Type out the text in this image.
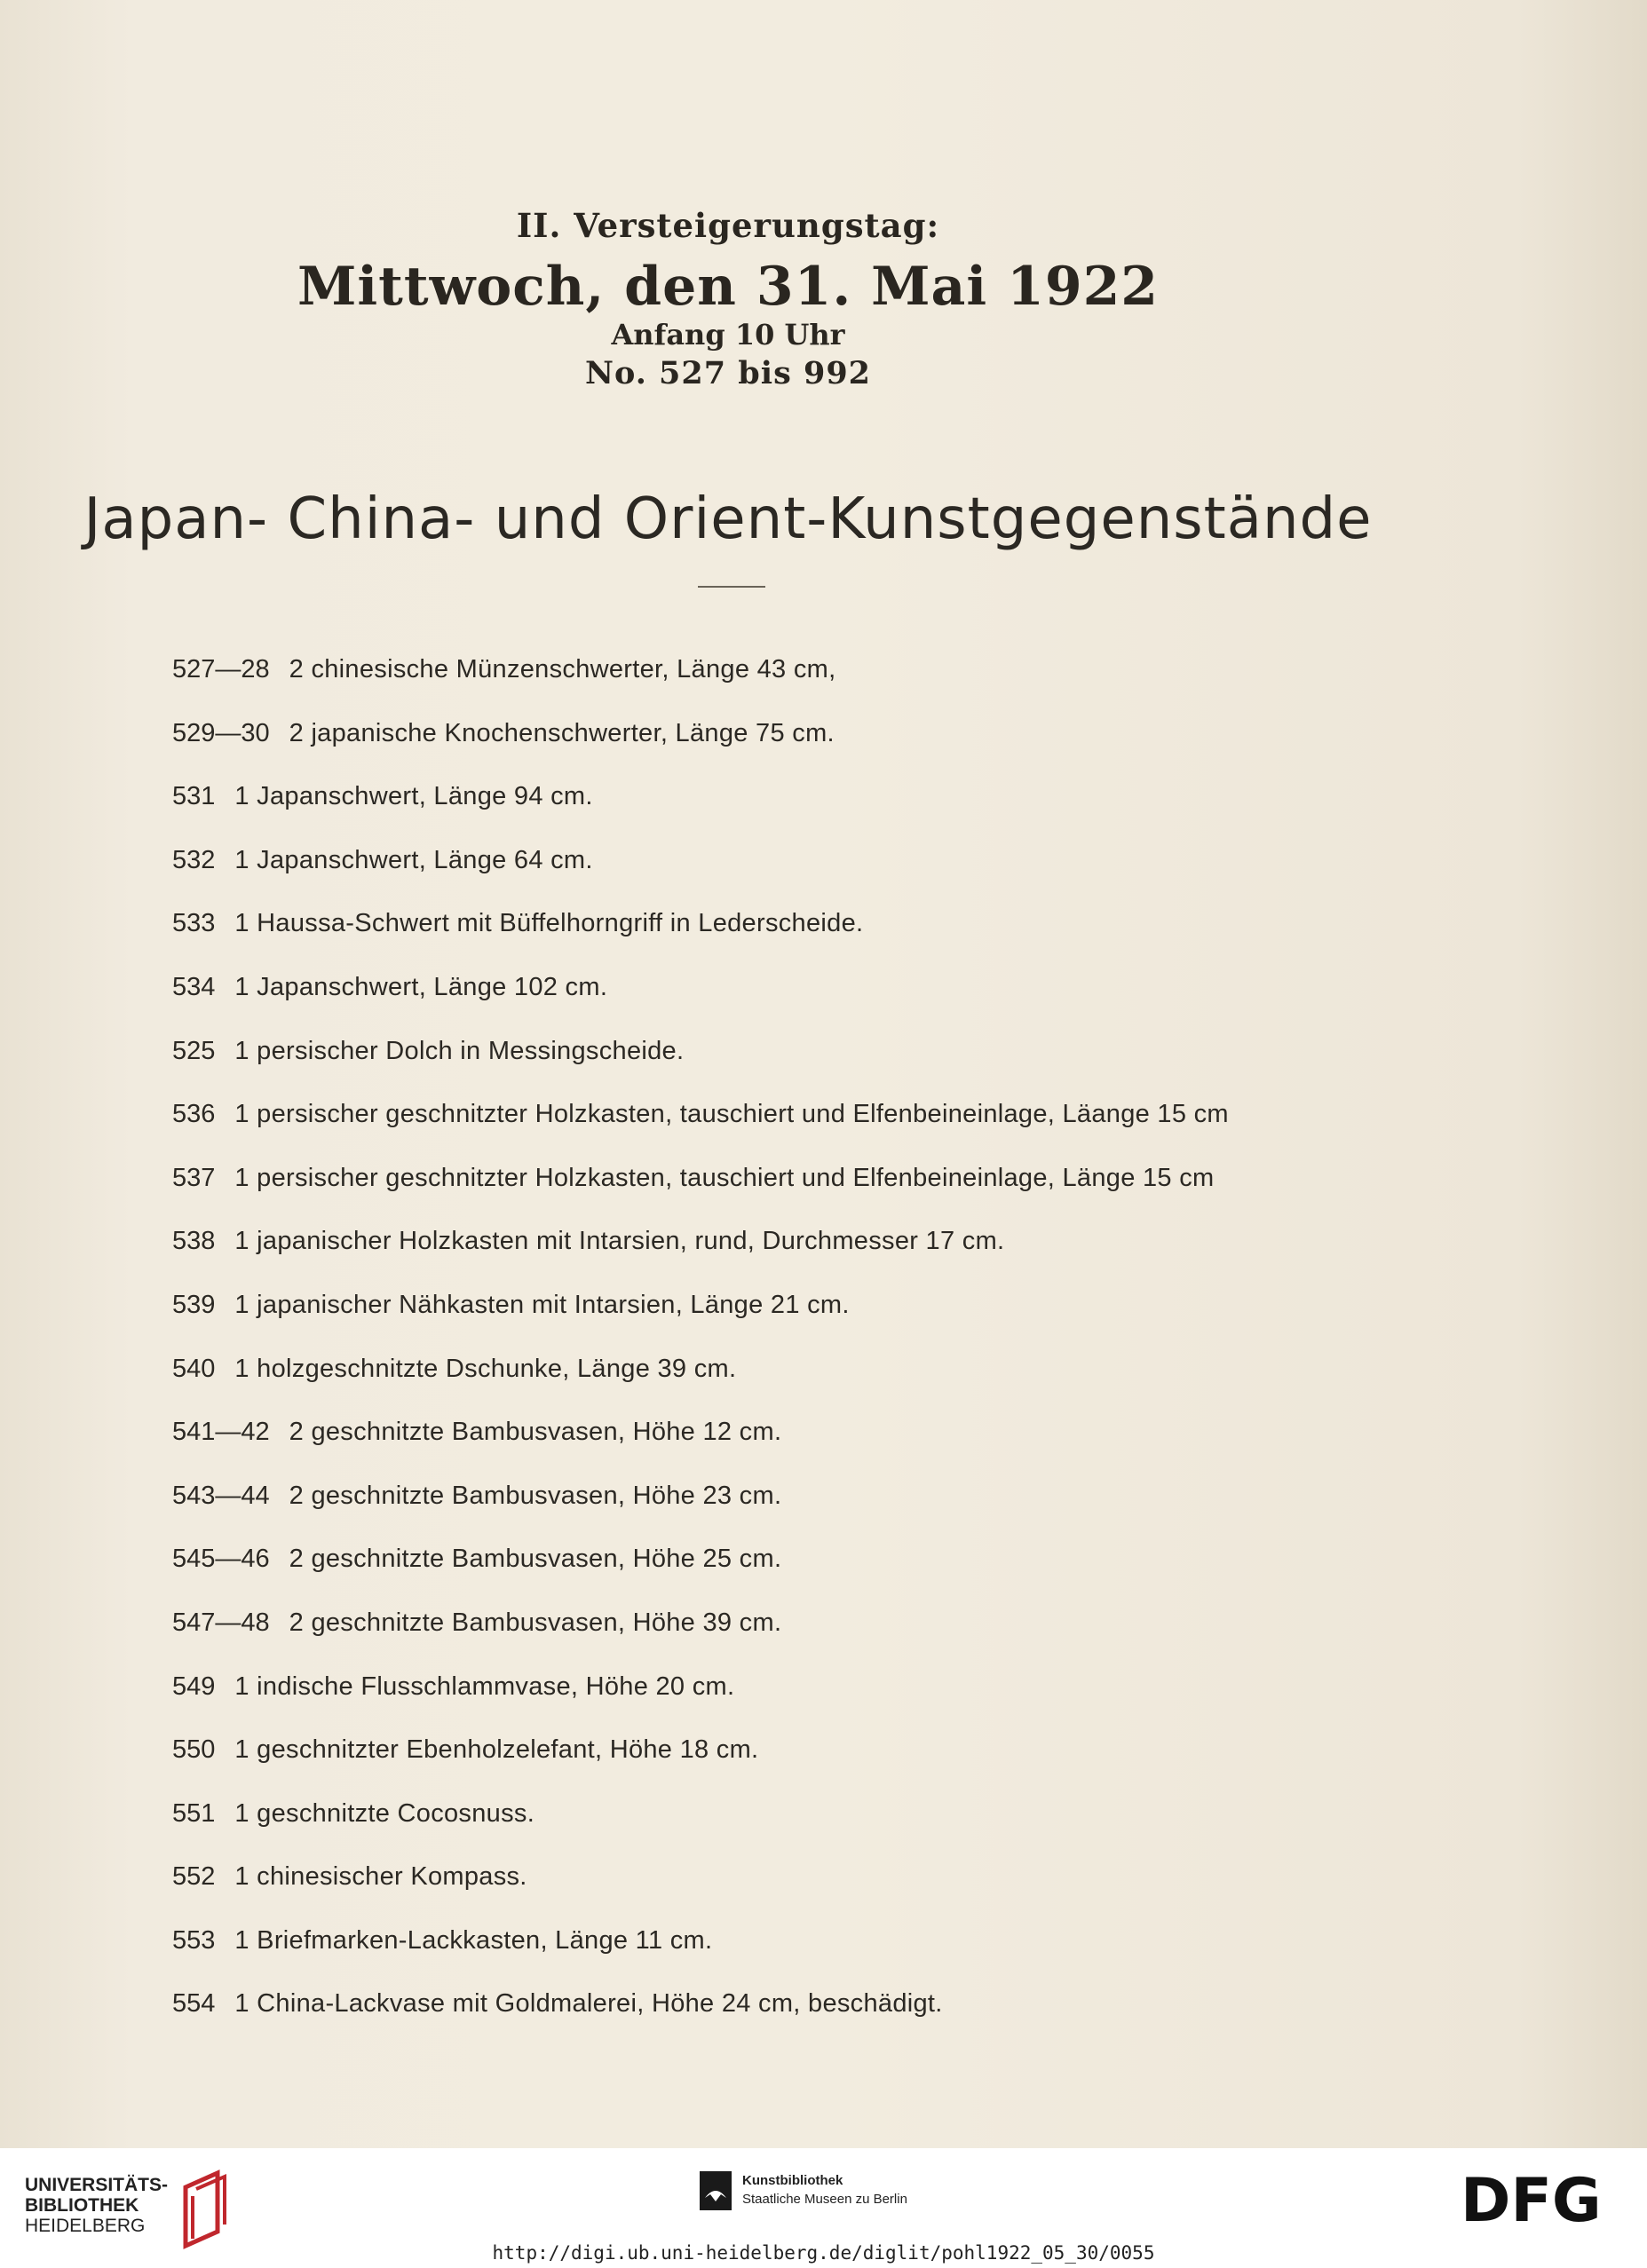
II. Versteigerungstag:
Mittwoch, den 31. Mai 1922
Anfang 10 Uhr
No. 527 bis 992
Japan- China- und Orient-Kunstgegenstände
527—28 2 chinesische Münzenschwerter, Länge 43 cm,
529—30 2 japanische Knochenschwerter, Länge 75 cm.
531 1 Japanschwert, Länge 94 cm.
532 1 Japanschwert, Länge 64 cm.
533 1 Haussa-Schwert mit Büffelhorngriff in Lederscheide.
534 1 Japanschwert, Länge 102 cm.
525 1 persischer Dolch in Messingscheide.
536 1 persischer geschnitzter Holzkasten, tauschiert und Elfenbeineinlage, Läange 15 cm
537 1 persischer geschnitzter Holzkasten, tauschiert und Elfenbeineinlage, Länge 15 cm
538 1 japanischer Holzkasten mit Intarsien, rund, Durchmesser 17 cm.
539 1 japanischer Nähkasten mit Intarsien, Länge 21 cm.
540 1 holzgeschnitzte Dschunke, Länge 39 cm.
541—42 2 geschnitzte Bambusvasen, Höhe 12 cm.
543—44 2 geschnitzte Bambusvasen, Höhe 23 cm.
545—46 2 geschnitzte Bambusvasen, Höhe 25 cm.
547—48 2 geschnitzte Bambusvasen, Höhe 39 cm.
549 1 indische Flusschlammvase, Höhe 20 cm.
550 1 geschnitzter Ebenholzelefant, Höhe 18 cm.
551 1 geschnitzte Cocosnuss.
552 1 chinesischer Kompass.
553 1 Briefmarken-Lackkasten, Länge 11 cm.
554 1 China-Lackvase mit Goldmalerei, Höhe 24 cm, beschädigt.
UNIVERSITÄTS-
BIBLIOTHEK
HEIDELBERG
Kunstbibliothek
Staatliche Museen zu Berlin	DFG
http://digi.ub.uni-heidelberg.de/diglit/pohl1922_05_30/0055
